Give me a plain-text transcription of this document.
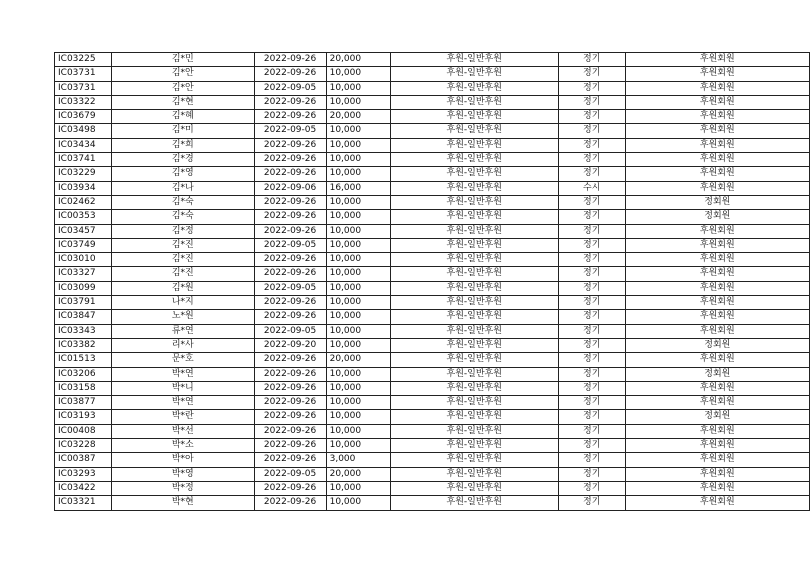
IC03225	김*민	2022-09-26	20,000	후원-일반후원	정기	후원회원
IC03731	김*안	2022-09-26	10,000	후원-일반후원	정기	후원회원
IC03731	김*안	2022-09-05	10,000	후원-일반후원	정기	후원회원
IC03322	김*현	2022-09-26	10,000	후원-일반후원	정기	후원회원
IC03679	김*혜	2022-09-26	20,000	후원-일반후원	정기	후원회원
IC03498	김*미	2022-09-05	10,000	후원-일반후원	정기	후원회원
IC03434	김*희	2022-09-26	10,000	후원-일반후원	정기	후원회원
IC03741	김*경	2022-09-26	10,000	후원-일반후원	정기	후원회원
IC03229	김*영	2022-09-26	10,000	후원-일반후원	정기	후원회원
IC03934	김*나	2022-09-06	16,000	후원-일반후원	수시	후원회원
IC02462	김*숙	2022-09-26	10,000	후원-일반후원	정기	정회원
IC00353	김*숙	2022-09-26	10,000	후원-일반후원	정기	정회원
IC03457	김*정	2022-09-26	10,000	후원-일반후원	정기	후원회원
IC03749	김*진	2022-09-05	10,000	후원-일반후원	정기	후원회원
IC03010	김*진	2022-09-26	10,000	후원-일반후원	정기	후원회원
IC03327	김*진	2022-09-26	10,000	후원-일반후원	정기	후원회원
IC03099	김*원	2022-09-05	10,000	후원-일반후원	정기	후원회원
IC03791	나*지	2022-09-26	10,000	후원-일반후원	정기	후원회원
IC03847	노*원	2022-09-26	10,000	후원-일반후원	정기	후원회원
IC03343	류*연	2022-09-05	10,000	후원-일반후원	정기	후원회원
IC03382	리*사	2022-09-20	10,000	후원-일반후원	정기	정회원
IC01513	문*호	2022-09-26	20,000	후원-일반후원	정기	후원회원
IC03206	박*연	2022-09-26	10,000	후원-일반후원	정기	정회원
IC03158	박*니	2022-09-26	10,000	후원-일반후원	정기	후원회원
IC03877	박*연	2022-09-26	10,000	후원-일반후원	정기	후원회원
IC03193	박*란	2022-09-26	10,000	후원-일반후원	정기	정회원
IC00408	박*선	2022-09-26	10,000	후원-일반후원	정기	후원회원
IC03228	박*소	2022-09-26	10,000	후원-일반후원	정기	후원회원
IC00387	박*아	2022-09-26	3,000	후원-일반후원	정기	후원회원
IC03293	박*영	2022-09-05	20,000	후원-일반후원	정기	후원회원
IC03422	박*정	2022-09-26	10,000	후원-일반후원	정기	후원회원
IC03321	박*현	2022-09-26	10,000	후원-일반후원	정기	후원회원
